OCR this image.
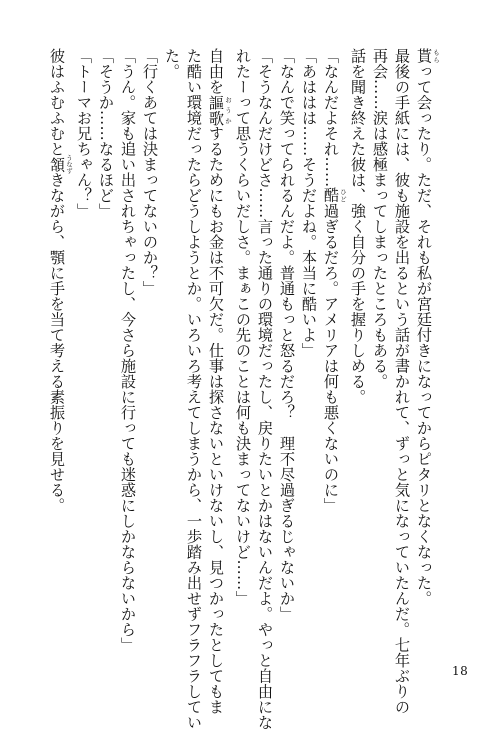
貰 もらって会ったり。ただ、それも私が宮廷付きになってからピタリとなくなった。
最後の手紙には、彼も施設を出るという話が書かれて、ずっと気になっていたんだ。七年ぶりの
再会……涙は感極まってしまったところもある。
話を聞き終えた彼は、強く自分の手を握りしめる。
「なんだよそれ……酷 ひど過ぎるだろ。アメリアは何も悪くないのに」
「あははは……そうだよね。本当に酷いよ」
「なんで笑ってられるんだよ。普通もっと怒るだろ？　理不尽過ぎるじゃないか」
「そうなんだけどさ……言った通りの環境だったし、戻りたいとかはないんだよ。やっと自由にな
れたーって思うくらいだしさ。まぁこの先のことは何も決まってないけど……」
自由を謳歌 おうかするためにもお金は不可欠だ。仕事は探さないといけないし、見つかったとしてもま
た酷い環境だったらどうしようとか。いろいろ考えてしまうから、一歩踏み出せずフラフラしてい
た。
「行くあては決まってないのか？」
「うん。家も追い出されちゃったし、今さら施設に行っても迷惑にしかならないから」
「そうか……なるほど」
「トーマお兄ちゃん？」
彼はふむふむと頷 うなずきながら、顎に手を当て考える素振りを見せる。
18
